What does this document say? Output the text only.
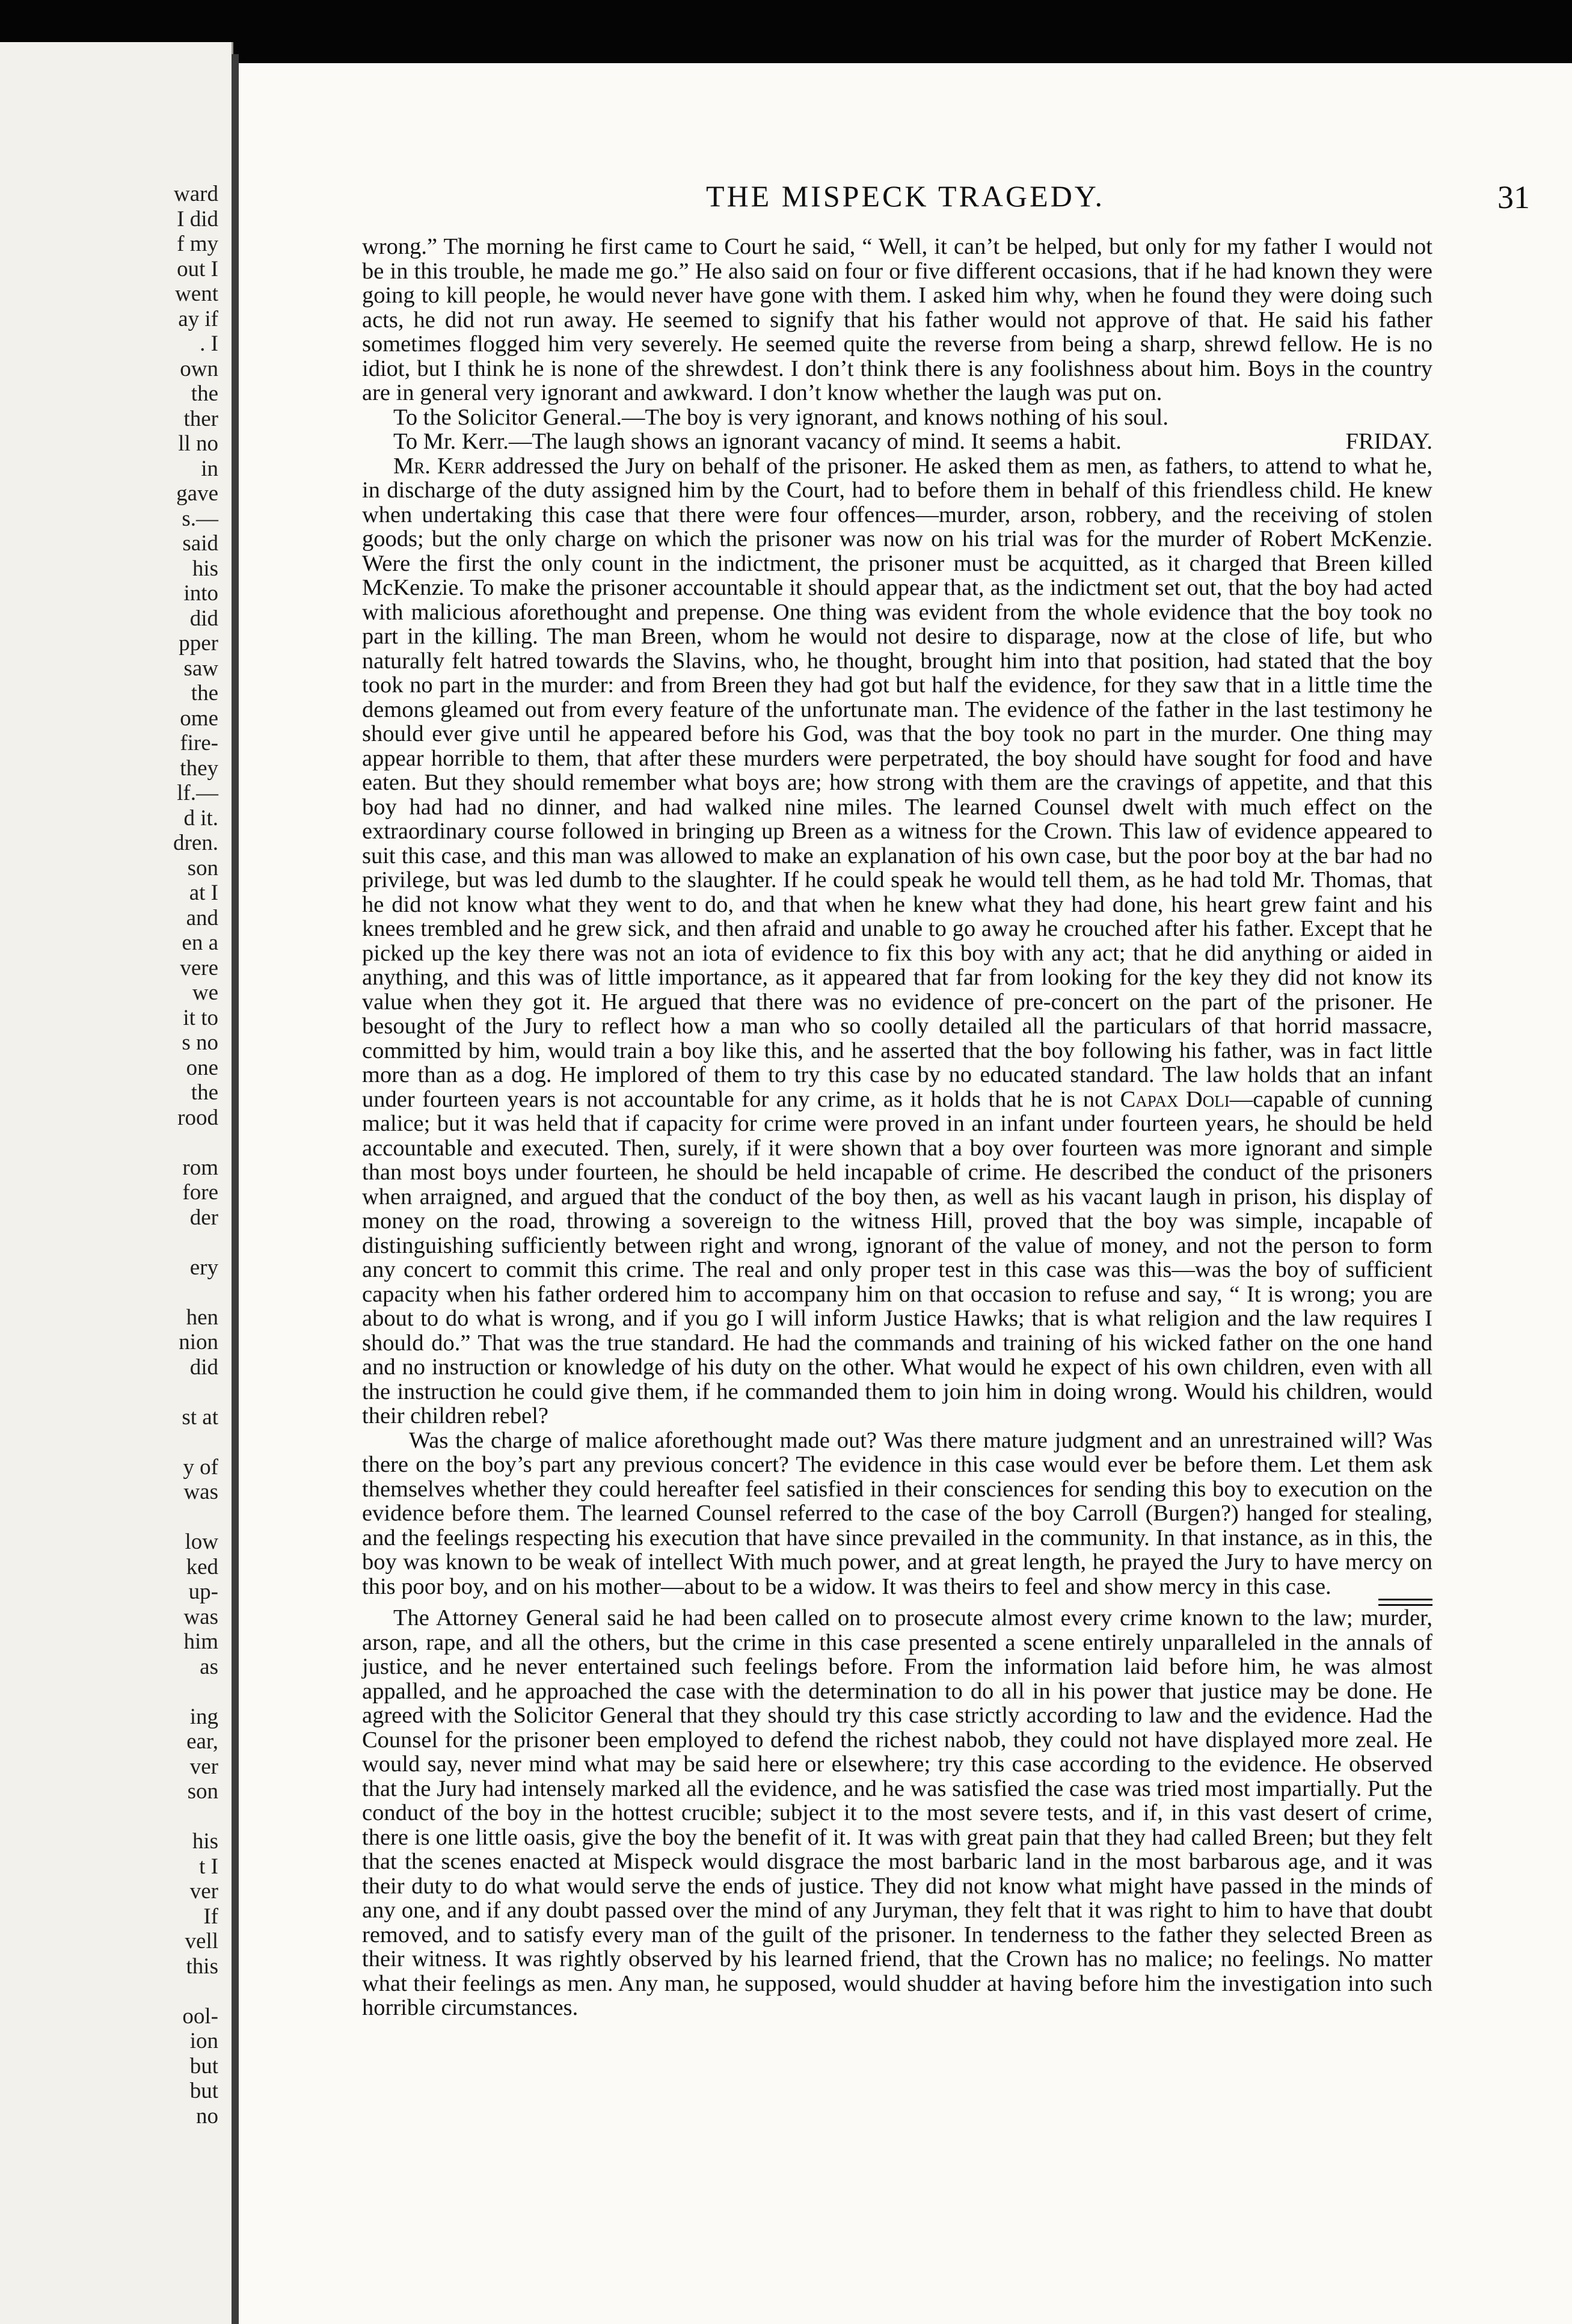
ward
I did
f my
out I
went
ay if
. I
own
the
ther
ll no
in
gave
s.—
said
his
into
did
pper
saw
the
ome
fire-
they
lf.—
d it.
dren.
son
at I
and
en a
vere
we
it to
s no
one
the
rood
rom
fore
der
ery
hen
nion
did
st at
y of
was
low
ked
up-
was
him
as
ing
ear,
ver
son
his
t I
ver
If
vell
this
ool-
ion
but
but
no
THE MISPECK TRAGEDY.	31

wrong.” The morning he first came to Court he said, “ Well, it can’t be helped, but only for my father I would not be in this trouble, he made me go.” He also said on four or five different occasions, that if he had known they were going to kill people, he would never have gone with them. I asked him why, when he found they were doing such acts, he did not run away. He seemed to signify that his father would not approve of that. He said his father sometimes flogged him very severely. He seemed quite the reverse from being a sharp, shrewd fellow. He is no idiot, but I think he is none of the shrewdest. I don’t think there is any foolishness about him. Boys in the country are in general very ignorant and awkward. I don’t know whether the laugh was put on.

To the Solicitor General.—The boy is very ignorant, and knows nothing of his soul.

To Mr. Kerr.—The laugh shows an ignorant vacancy of mind. It seems a habit.	FRIDAY.

Mr. Kerr addressed the Jury on behalf of the prisoner. He asked them as men, as fathers, to attend to what he, in discharge of the duty assigned him by the Court, had to before them in behalf of this friendless child. He knew when undertaking this case that there were four offences—murder, arson, robbery, and the receiving of stolen goods; but the only charge on which the prisoner was now on his trial was for the murder of Robert McKenzie. Were the first the only count in the indictment, the prisoner must be acquitted, as it charged that Breen killed McKenzie. To make the prisoner accountable it should appear that, as the indictment set out, that the boy had acted with malicious aforethought and prepense. One thing was evident from the whole evidence that the boy took no part in the killing. The man Breen, whom he would not desire to disparage, now at the close of life, but who naturally felt hatred towards the Slavins, who, he thought, brought him into that position, had stated that the boy took no part in the murder: and from Breen they had got but half the evidence, for they saw that in a little time the demons gleamed out from every feature of the unfortunate man. The evidence of the father in the last testimony he should ever give until he appeared before his God, was that the boy took no part in the murder. One thing may appear horrible to them, that after these murders were perpetrated, the boy should have sought for food and have eaten. But they should remember what boys are; how strong with them are the cravings of appetite, and that this boy had had no dinner, and had walked nine miles. The learned Counsel dwelt with much effect on the extraordinary course followed in bringing up Breen as a witness for the Crown. This law of evidence appeared to suit this case, and this man was allowed to make an explanation of his own case, but the poor boy at the bar had no privilege, but was led dumb to the slaughter. If he could speak he would tell them, as he had told Mr. Thomas, that he did not know what they went to do, and that when he knew what they had done, his heart grew faint and his knees trembled and he grew sick, and then afraid and unable to go away he crouched after his father. Except that he picked up the key there was not an iota of evidence to fix this boy with any act; that he did anything or aided in anything, and this was of little importance, as it appeared that far from looking for the key they did not know its value when they got it. He argued that there was no evidence of pre-concert on the part of the prisoner. He besought of the Jury to reflect how a man who so coolly detailed all the particulars of that horrid massacre, committed by him, would train a boy like this, and he asserted that the boy following his father, was in fact little more than as a dog. He implored of them to try this case by no educated standard. The law holds that an infant under fourteen years is not accountable for any crime, as it holds that he is not Capax Doli—capable of cunning malice; but it was held that if capacity for crime were proved in an infant under fourteen years, he should be held accountable and executed. Then, surely, if it were shown that a boy over fourteen was more ignorant and simple than most boys under fourteen, he should be held incapable of crime. He described the conduct of the prisoners when arraigned, and argued that the conduct of the boy then, as well as his vacant laugh in prison, his display of money on the road, throwing a sovereign to the witness Hill, proved that the boy was simple, incapable of distinguishing sufficiently between right and wrong, ignorant of the value of money, and not the person to form any concert to commit this crime. The real and only proper test in this case was this—was the boy of sufficient capacity when his father ordered him to accompany him on that occasion to refuse and say, “ It is wrong; you are about to do what is wrong, and if you go I will inform Justice Hawks; that is what religion and the law requires I should do.” That was the true standard. He had the commands and training of his wicked father on the one hand and no instruction or knowledge of his duty on the other. What would he expect of his own children, even with all the instruction he could give them, if he commanded them to join him in doing wrong. Would his children, would their children rebel?

Was the charge of malice aforethought made out? Was there mature judgment and an unrestrained will? Was there on the boy’s part any previous concert? The evidence in this case would ever be before them. Let them ask themselves whether they could hereafter feel satisfied in their consciences for sending this boy to execution on the evidence before them. The learned Counsel referred to the case of the boy Carroll (Burgen?) hanged for stealing, and the feelings respecting his execution that have since prevailed in the community. In that instance, as in this, the boy was known to be weak of intellect With much power, and at great length, he prayed the Jury to have mercy on this poor boy, and on his mother—about to be a widow. It was theirs to feel and show mercy in this case.

The Attorney General said he had been called on to prosecute almost every crime known to the law; murder, arson, rape, and all the others, but the crime in this case presented a scene entirely unparalleled in the annals of justice, and he never entertained such feelings before. From the information laid before him, he was almost appalled, and he approached the case with the determination to do all in his power that justice may be done. He agreed with the Solicitor General that they should try this case strictly according to law and the evidence. Had the Counsel for the prisoner been employed to defend the richest nabob, they could not have displayed more zeal. He would say, never mind what may be said here or elsewhere; try this case according to the evidence. He observed that the Jury had intensely marked all the evidence, and he was satisfied the case was tried most impartially. Put the conduct of the boy in the hottest crucible; subject it to the most severe tests, and if, in this vast desert of crime, there is one little oasis, give the boy the benefit of it. It was with great pain that they had called Breen; but they felt that the scenes enacted at Mispeck would disgrace the most barbaric land in the most barbarous age, and it was their duty to do what would serve the ends of justice. They did not know what might have passed in the minds of any one, and if any doubt passed over the mind of any Juryman, they felt that it was right to him to have that doubt removed, and to satisfy every man of the guilt of the prisoner. In tenderness to the father they selected Breen as their witness. It was rightly observed by his learned friend, that the Crown has no malice; no feelings. No matter what their feelings as men. Any man, he supposed, would shudder at having before him the investigation into such horrible circumstances.
